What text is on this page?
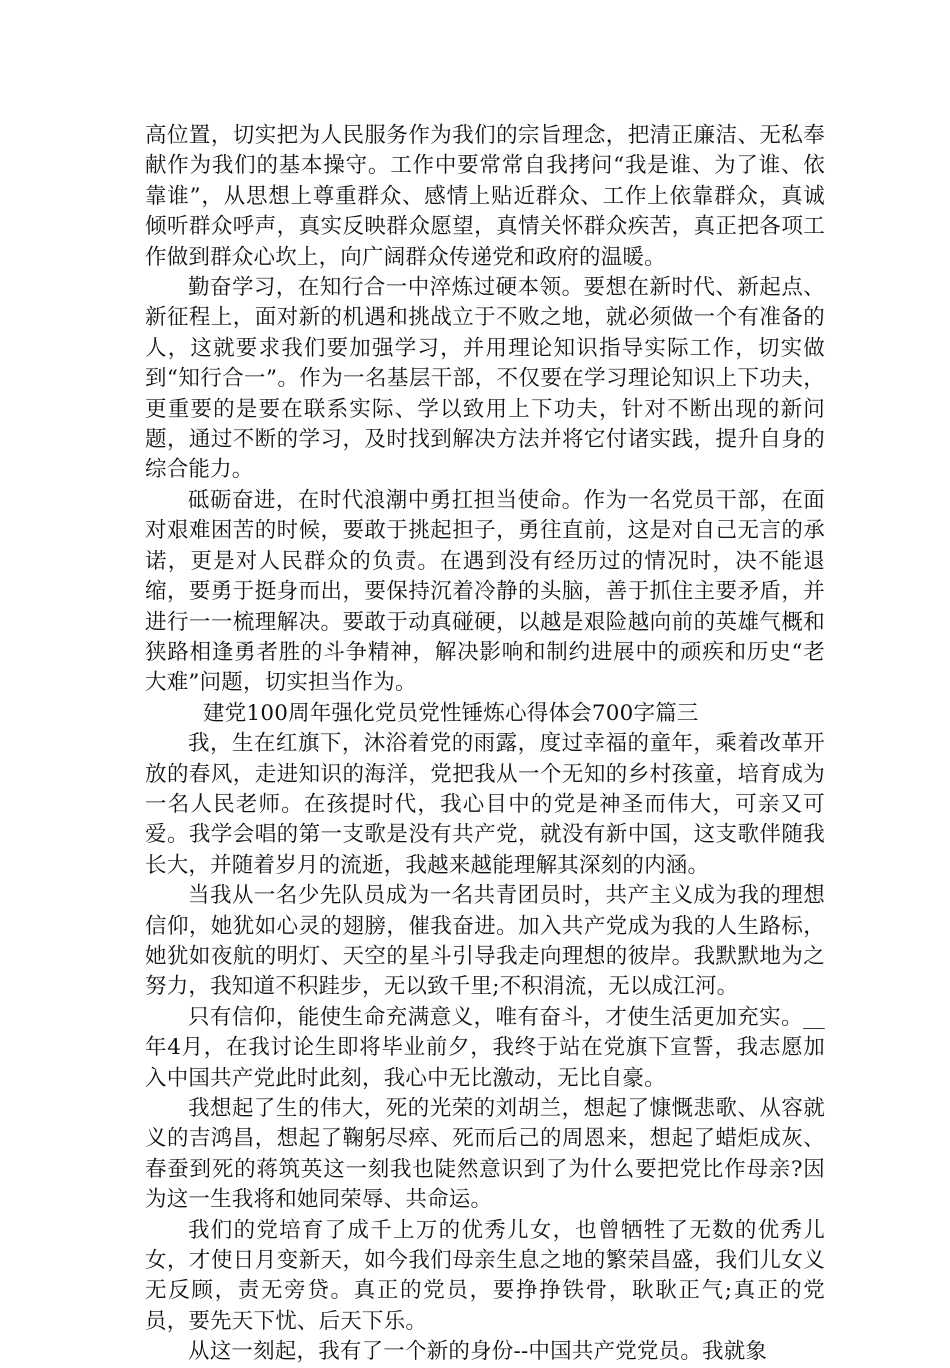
高位置，切实把为人民服务作为我们的宗旨理念，把清正廉洁、无私奉献作为我们的基本操守。工作中要常常自我拷问“我是谁、为了谁、依靠谁”，从思想上尊重群众、感情上贴近群众、工作上依靠群众，真诚倾听群众呼声，真实反映群众愿望，真情关怀群众疾苦，真正把各项工作做到群众心坎上，向广阔群众传递党和政府的温暖。

勤奋学习，在知行合一中淬炼过硬本领。要想在新时代、新起点、新征程上，面对新的机遇和挑战立于不败之地，就必须做一个有准备的人，这就要求我们要加强学习，并用理论知识指导实际工作，切实做到“知行合一”。作为一名基层干部，不仅要在学习理论知识上下功夫，更重要的是要在联系实际、学以致用上下功夫，针对不断出现的新问题，通过不断的学习，及时找到解决方法并将它付诸实践，提升自身的综合能力。

砥砺奋进，在时代浪潮中勇扛担当使命。作为一名党员干部，在面对艰难困苦的时候，要敢于挑起担子，勇往直前，这是对自己无言的承诺，更是对人民群众的负责。在遇到没有经历过的情况时，决不能退缩，要勇于挺身而出，要保持沉着冷静的头脑，善于抓住主要矛盾，并进行一一梳理解决。要敢于动真碰硬，以越是艰险越向前的英雄气概和狭路相逢勇者胜的斗争精神，解决影响和制约进展中的顽疾和历史“老大难”问题，切实担当作为。

建党100周年强化党员党性锤炼心得体会700字篇三

我，生在红旗下，沐浴着党的雨露，度过幸福的童年，乘着改革开放的春风，走进知识的海洋，党把我从一个无知的乡村孩童，培育成为一名人民老师。在孩提时代，我心目中的党是神圣而伟大，可亲又可爱。我学会唱的第一支歌是没有共产党，就没有新中国，这支歌伴随我长大，并随着岁月的流逝，我越来越能理解其深刻的内涵。

当我从一名少先队员成为一名共青团员时，共产主义成为我的理想信仰，她犹如心灵的翅膀，催我奋进。加入共产党成为我的人生路标，她犹如夜航的明灯、天空的星斗引导我走向理想的彼岸。我默默地为之努力，我知道不积跬步，无以致千里;不积涓流，无以成江河。

只有信仰，能使生命充满意义，唯有奋斗，才使生活更加充实。__年4月，在我讨论生即将毕业前夕，我终于站在党旗下宣誓，我志愿加入中国共产党此时此刻，我心中无比激动，无比自豪。

我想起了生的伟大，死的光荣的刘胡兰，想起了慷慨悲歌、从容就义的吉鸿昌，想起了鞠躬尽瘁、死而后己的周恩来，想起了蜡炬成灰、春蚕到死的蒋筑英这一刻我也陡然意识到了为什么要把党比作母亲?因为这一生我将和她同荣辱、共命运。

我们的党培育了成千上万的优秀儿女，也曾牺牲了无数的优秀儿女，才使日月变新天，如今我们母亲生息之地的繁荣昌盛，我们儿女义无反顾，责无旁贷。真正的党员，要挣挣铁骨，耿耿正气;真正的党员，要先天下忧、后天下乐。

从这一刻起，我有了一个新的身份--中国共产党党员。我就象
